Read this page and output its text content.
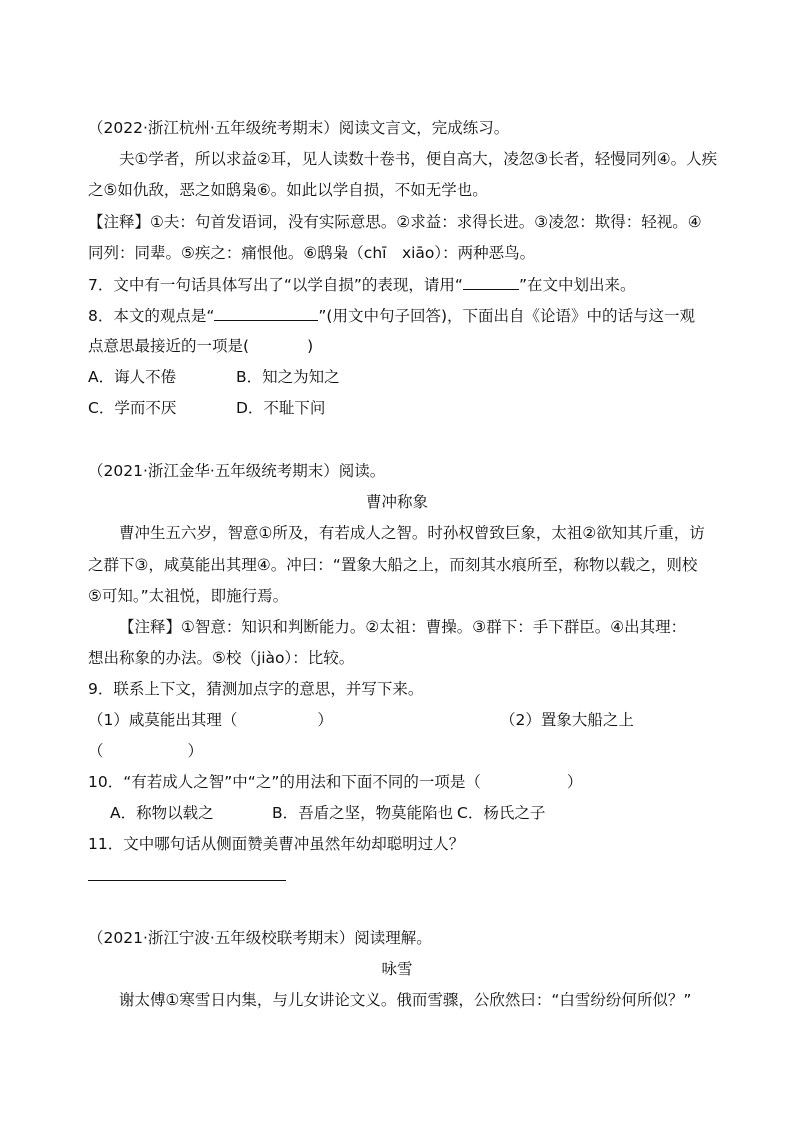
（2022·浙江杭州·五年级统考期末）阅读文言文，完成练习。
夫①学者，所以求益②耳，见人读数十卷书，便自高大，凌忽③长者，轻慢同列④。人疾
之⑤如仇敌，恶之如鸱枭⑥。如此以学自损，不如无学也。
【注释】①夫：句首发语词，没有实际意思。②求益：求得长进。③凌忽：欺得：轻视。④
同列：同辈。⑤疾之：痛恨他。⑥鸱枭（chī　xiāo）：两种恶鸟。
7．文中有一句话具体写出了“以学自损”的表现，请用“	”在文中划出来。
8．本文的观点是“	”(用文中句子回答)，下面出自《论语》中的话与这一观
点意思最接近的一项是(	)
A．诲人不倦	B．知之为知之
C．学而不厌	D．不耻下问
（2021·浙江金华·五年级统考期末）阅读。
曹冲称象
曹冲生五六岁，智意①所及，有若成人之智。时孙权曾致巨象，太祖②欲知其斤重，访
之群下③，咸莫能出其理④。冲曰：“置象大船之上，而刻其水痕所至，称物以载之，则校
⑤可知。”太祖悦，即施行焉。
【注释】①智意：知识和判断能力。②太祖：曹操。③群下：手下群臣。④出其理：
想出称象的办法。⑤校（jiào）：比较。
9．联系上下文，猜测加点字的意思，并写下来。
（1）咸莫能出其理（	）	（2）置象大船之上
（	）
10．“有若成人之智”中“之”的用法和下面不同的一项是（	）
A．称物以载之	B．吾盾之坚，物莫能陷也 C．杨氏之子
11．文中哪句话从侧面赞美曹冲虽然年幼却聪明过人？
（2021·浙江宁波·五年级校联考期末）阅读理解。
咏雪
谢太傅①寒雪日内集，与儿女讲论文义。俄而雪骤，公欣然曰：“白雪纷纷何所似？”
